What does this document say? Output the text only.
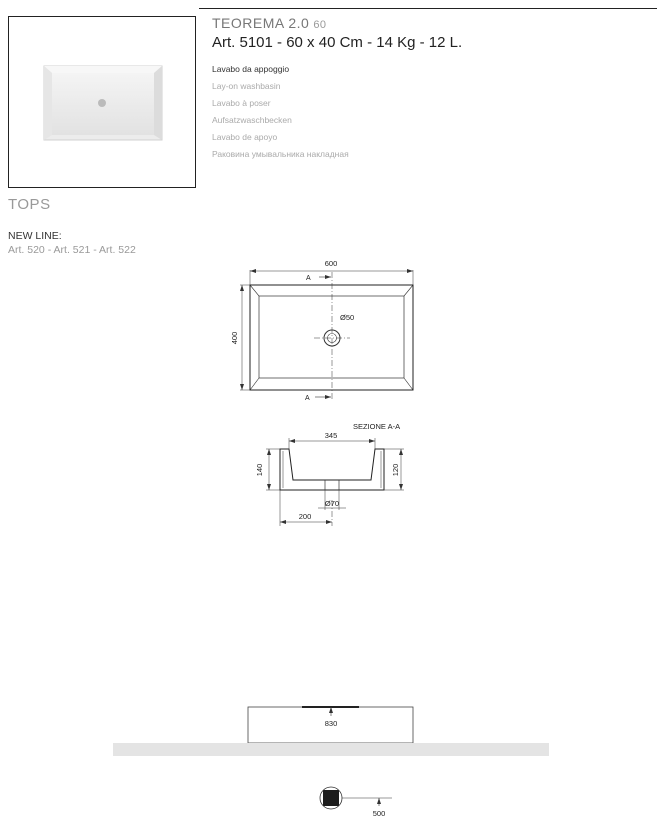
TEOREMA 2.0 60
Art. 5101 - 60 x 40 Cm - 14 Kg - 12 L.
Lavabo da appoggio
Lay-on washbasin
Lavabo à poser
Aufsatzwaschbecken
Lavabo de apoyo
Раковина умывальника накладная
TOPS
NEW LINE:
Art. 520 - Art. 521 - Art. 522
600
400
Ø50
A
A
SEZIONE A-A
345
140	120
Ø70
200
830
500
